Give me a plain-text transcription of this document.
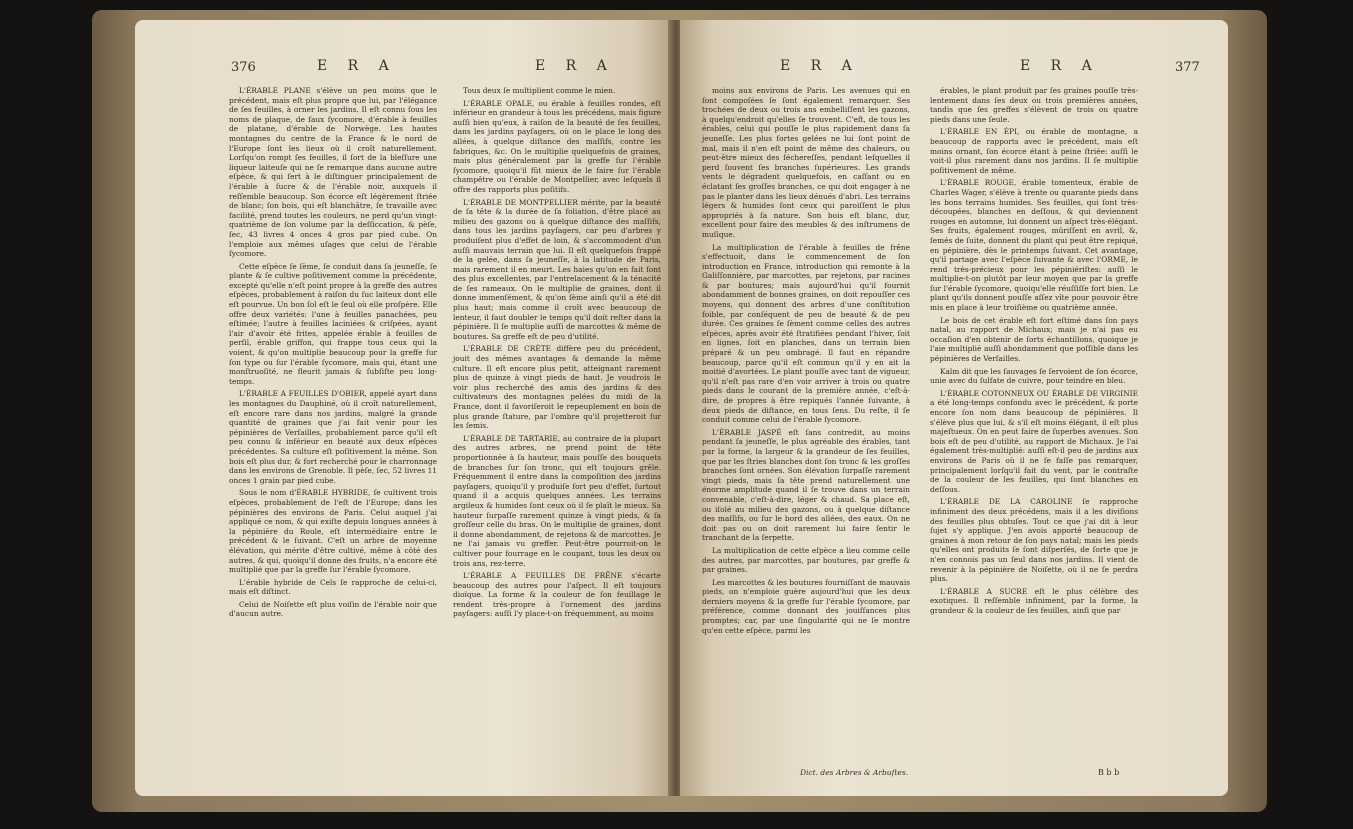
376	E R A	E R A

L'ÉRABLE PLANE s'élève un peu moins que le précédent, mais eſt plus propre que lui, par l'élégance de ſes feuilles, à orner les jardins. Il eſt connu ſous les noms de plaque, de faux ſycomore, d'érable à feuilles de platane, d'érable de Norwège. Les hautes montagnes du centre de la France & le nord de l'Europe ſont les lieux où il croît naturellement. Lorſqu'on rompt ſes feuilles, il ſort de la bleſſure une liqueur laiteuſe qui ne ſe remarque dans aucune autre eſpèce, & qui ſert à le diſtinguer principalement de l'érable à ſucre & de l'érable noir, auxquels il reſſemble beaucoup. Son écorce eſt légèrement ſtriée de blanc; ſon bois, qui eſt blanchâtre, ſe travaille avec facilité, prend toutes les couleurs, ne perd qu'un vingt-quatrième de ſon volume par la deſſiccation, & pèſe, ſec, 43 livres 4 onces 4 gros par pied cube. On l'emploie aux mêmes uſages que celui de l'érable ſycomore.

Cette eſpèce ſe ſème, ſe conduit dans ſa jeuneſſe, ſe plante & ſe cultive poſitivement comme la précédente, excepté qu'elle n'eſt point propre à la greffe des autres eſpèces, probablement à raiſon du ſuc laiteux dont elle eſt pourvue. Un bon ſol eſt le ſeul où elle proſpère. Elle offre deux variétés: l'une à feuilles panachées, peu eſtimée; l'autre à feuilles laciniées & criſpées, ayant l'air d'avoir été frites, appelée érable à feuilles de perſil, érable griffon, qui frappe tous ceux qui la voient, & qu'on multiplie beaucoup pour la greffe ſur ſon type ou ſur l'érable ſycomore, mais qui, étant une monſtruoſité, ne fleurit jamais & ſubſiſte peu long-temps.

L'ÉRABLE A FEUILLES D'OBIER, appelé ayart dans les montagnes du Dauphiné, où il croît naturellement, eſt encore rare dans nos jardins, malgré la grande quantité de graines que j'ai fait venir pour les pépinières de Verſailles, probablement parce qu'il eſt peu connu & inférieur en beauté aux deux eſpèces précédentes. Sa culture eſt poſitivement la même. Son bois eſt plus dur, & fort recherché pour le charronnage dans les environs de Grenoble. Il pèſe, ſec, 52 livres 11 onces 1 grain par pied cube.

Sous le nom d'ÉRABLE HYBRIDE, ſe cultivent trois eſpèces, probablement de l'eſt de l'Europe; dans les pépinières des environs de Paris. Celui auquel j'ai appliqué ce nom, & qui exiſte depuis longues années à la pépinière du Roule, eſt intermédiaire entre le précédent & le ſuivant. C'eſt un arbre de moyenne élévation, qui mérite d'être cultivé, même à côté des autres, & qui, quoiqu'il donne des fruits, n'a encore été multiplié que par la greffe ſur l'érable ſycomore.

L'érable hybride de Cels ſe rapproche de celui-ci, mais eſt diſtinct.

Celui de Noiſette eſt plus voiſin de l'érable noir que d'aucun autre.

Tous deux ſe multiplient comme le mien.

L'ÉRABLE OPALE, ou érable à feuilles rondes, eſt inférieur en grandeur à tous les précédens, mais figure auſſi bien qu'eux, à raiſon de la beauté de ſes feuilles, dans les jardins payſagers, où on le place le long des allées, à quelque diſtance des maſſifs, contre les fabriques, &c. On le multiplie quelquefois de graines, mais plus généralement par la greffe ſur l'érable ſycomore, quoiqu'il fût mieux de le faire ſur l'érable champêtre ou l'érable de Montpellier, avec leſquels il offre des rapports plus poſitifs.

L'ÉRABLE DE MONTPELLIER mérite, par la beauté de ſa tête & la durée de ſa foliation, d'être placé au milieu des gazons ou à quelque diſtance des maſſifs, dans tous les jardins payſagers, car peu d'arbres y produiſent plus d'effet de loin, & s'accommodent d'un auſſi mauvais terrain que lui. Il eſt quelquefois frappé de la gelée, dans ſa jeuneſſe, à la latitude de Paris, mais rarement il en meurt. Les haies qu'on en fait ſont des plus excellentes, par l'entrelacement & la ténacité de ſes rameaux. On le multiplie de graines, dont il donne immenſément, & qu'on ſème ainſi qu'il a été dit plus haut; mais comme il croît avec beaucoup de lenteur, il faut doubler le temps qu'il doit reſter dans la pépinière. Il ſe multiplie auſſi de marcottes & même de boutures. Sa greffe eſt de peu d'utilité.

L'ÉRABLE DE CRÈTE diffère peu du précédent, jouit des mêmes avantages & demande la même culture. Il eſt encore plus petit, atteignant rarement plus de quinze à vingt pieds de haut. Je voudrois le voir plus recherché des amis des jardins & des cultivateurs des montagnes pelées du midi de la France, dont il favoriſeroit le repeuplement en bois de plus grande ſtature, par l'ombre qu'il projetteroit ſur les ſemis.

L'ÉRABLE DE TARTARIE, au contraire de la plupart des autres arbres, ne prend point de tête proportionnée à ſa hauteur, mais pouſſe des bouquets de branches ſur ſon tronc, qui eſt toujours grêle. Fréquemment il entre dans la compoſition des jardins payſagers, quoiqu'il y produiſe fort peu d'effet, ſurtout quand il a acquis quelques années. Les terrains argileux & humides ſont ceux où il ſe plaît le mieux. Sa hauteur ſurpaſſe rarement quinze à vingt pieds, & ſa groſſeur celle du bras. On le multiplie de graines, dont il donne abondamment, de rejetons & de marcottes. Je ne l'ai jamais vu greffer. Peut-être pourroit-on le cultiver pour fourrage en le coupant, tous les deux ou trois ans, rez-terre.

L'ÉRABLE A FEUILLES DE FRÊNE s'écarte beaucoup des autres pour l'aſpect. Il eſt toujours dioïque. La forme & la couleur de ſon feuillage le rendent très-propre à l'ornement des jardins payſagers: auſſi l'y place-t-on fréquemment, au moins

E R A	E R A	377

moins aux environs de Paris. Les avenues qui en ſont compoſées ſe ſont également remarquer. Ses trochées de deux ou trois ans embelliſſent les gazons, à quelqu'endroit qu'elles ſe trouvent. C'eſt, de tous les érables, celui qui pouſſe le plus rapidement dans ſa jeuneſſe. Les plus fortes gelées ne lui ſont point de mal, mais il n'en eſt point de même des chaleurs, ou peut-être mieux des ſéchereſſes, pendant leſquelles il perd ſouvent ſes branches ſupérieures. Les grands vents le dégradent quelquefois, en caſſant ou en éclatant ſes groſſes branches, ce qui doit engager à ne pas le planter dans les lieux dénués d'abri. Les terrains légers & humides ſont ceux qui paroiſſent le plus appropriés à ſa nature. Son bois eſt blanc, dur, excellent pour faire des meubles & des inſtrumens de muſique.

La multiplication de l'érable à feuilles de frêne s'effectuoit, dans le commencement de ſon introduction en France, introduction qui remonte à la Galiſſonnière, par marcottes, par rejetons, par racines & par boutures; mais aujourd'hui qu'il fournit abondamment de bonnes graines, on doit repouſſer ces moyens, qui donnent des arbres d'une conſtitution foible, par conſéquent de peu de beauté & de peu durée. Ces graines ſe ſèment comme celles des autres eſpèces, après avoir été ſtratifiées pendant l'hiver, ſoit en lignes, ſoit en planches, dans un terrain bien préparé & un peu ombragé. Il faut en répandre beaucoup, parce qu'il eſt commun qu'il y en ait la moitié d'avortées. Le plant pouſſe avec tant de vigueur, qu'il n'eſt pas rare d'en voir arriver à trois ou quatre pieds dans le courant de la première année, c'eſt-à-dire, de propres à être repiqués l'année ſuivante, à deux pieds de diſtance, en tous ſens. Du reſte, il ſe conduit comme celui de l'érable ſycomore.

L'ÉRABLE JASPÉ eſt ſans contredit, au moins pendant ſa jeuneſſe, le plus agréable des érables, tant par la forme, la largeur & la grandeur de ſes feuilles, que par les ſtries blanches dont ſon tronc & les groſſes branches ſont ornées. Son élévation ſurpaſſe rarement vingt pieds, mais ſa tête prend naturellement une énorme amplitude quand il ſe trouve dans un terrain convenable, c'eſt-à-dire, léger & chaud. Sa place eſt, ou iſolé au milieu des gazons, ou à quelque diſtance des maſſifs, ou ſur le bord des allées, des eaux. On ne doit pas ou on doit rarement lui faire ſentir le tranchant de la ſerpette.

La multiplication de cette eſpèce a lieu comme celle des autres, par marcottes, par boutures, par greffe & par graines.

Les marcottes & les boutures fourniſſant de mauvais pieds, on n'emploie guère aujourd'hui que les deux derniers moyens & la greffe ſur l'érable ſycomore, par préférence, comme donnant des jouiſſances plus promptes; car, par une ſingularité qui ne ſe montre qu'en cette eſpèce, parmi les

Dict. des Arbres & Arbuſtes.

érables, le plant produit par ſes graines pouſſe très-lentement dans ſes deux ou trois premières années, tandis que ſes greffes s'élèvent de trois ou quatre pieds dans une ſeule.

L'ÉRABLE EN ÉPI, ou érable de montagne, a beaucoup de rapports avec le précédent, mais eſt moins ornant, ſon écorce étant à peine ſtriée: auſſi le voit-il plus rarement dans nos jardins. Il ſe multiplie poſitivement de même.

L'ÉRABLE ROUGE, érable tomenteux, érable de Charles Wager, s'élève à trente ou quarante pieds dans les bons terrains humides. Ses feuilles, qui ſont très-découpées, blanches en deſſous, & qui deviennent rouges en automne, lui donnent un aſpect très-élégant. Ses fruits, également rouges, mûriſſent en avril, &, ſemés de ſuite, donnent du plant qui peut être repiqué, en pépinière, dès le printemps ſuivant. Cet avantage, qu'il partage avec l'eſpèce ſuivante & avec l'ORME, le rend très-précieux pour les pépiniériſtes: auſſi le multiplie-t-on plutôt par leur moyen que par la greffe ſur l'érable ſycomore, quoiqu'elle réuſſiſſe fort bien. Le plant qu'ils donnent pouſſe aſſez vîte pour pouvoir être mis en place à leur troiſième ou quatrième année.

Le bois de cet érable eſt fort eſtimé dans ſon pays natal, au rapport de Michaux; mais je n'ai pas eu occaſion d'en obtenir de ſorts échantillons, quoique je l'aie multiplié auſſi abondamment que poſſible dans les pépinières de Verſailles.

Kalm dit que les ſauvages ſe ſervoient de ſon écorce, unie avec du ſulfate de cuivre, pour teindre en bleu.

L'ÉRABLE COTONNEUX OU ÉRABLE DE VIRGINIE a été long-temps confondu avec le précédent, & porte encore ſon nom dans beaucoup de pépinières. Il s'élève plus que lui, & s'il eſt moins élégant, il eſt plus majeſtueux. On en peut faire de ſuperbes avenues. Son bois eſt de peu d'utilité, au rapport de Michaux. Je l'ai également très-multiplié: auſſi eſt-il peu de jardins aux environs de Paris où il ne ſe faſſe pas remarquer, principalement lorſqu'il fait du vent, par le contraſte de la couleur de les feuilles, qui ſont blanches en deſſous.

L'ÉRABLE DE LA CAROLINE ſe rapproche infiniment des deux précédens, mais il a les diviſions des feuilles plus obtuſes. Tout ce que j'ai dit à leur ſujet s'y applique. J'en avois apporté beaucoup de graines à mon retour de ſon pays natal; mais les pieds qu'elles ont produits ſe ſont diſperſés, de ſorte que je n'en connois pas un ſeul dans nos jardins. Il vient de revenir à la pépinière de Noiſette, où il ne ſe perdra plus.

L'ÉRABLE A SUCRE eſt le plus célèbre des exotiques. Il reſſemble infiniment, par la forme, la grandeur & la couleur de ſes feuilles, ainſi que par

B b b
